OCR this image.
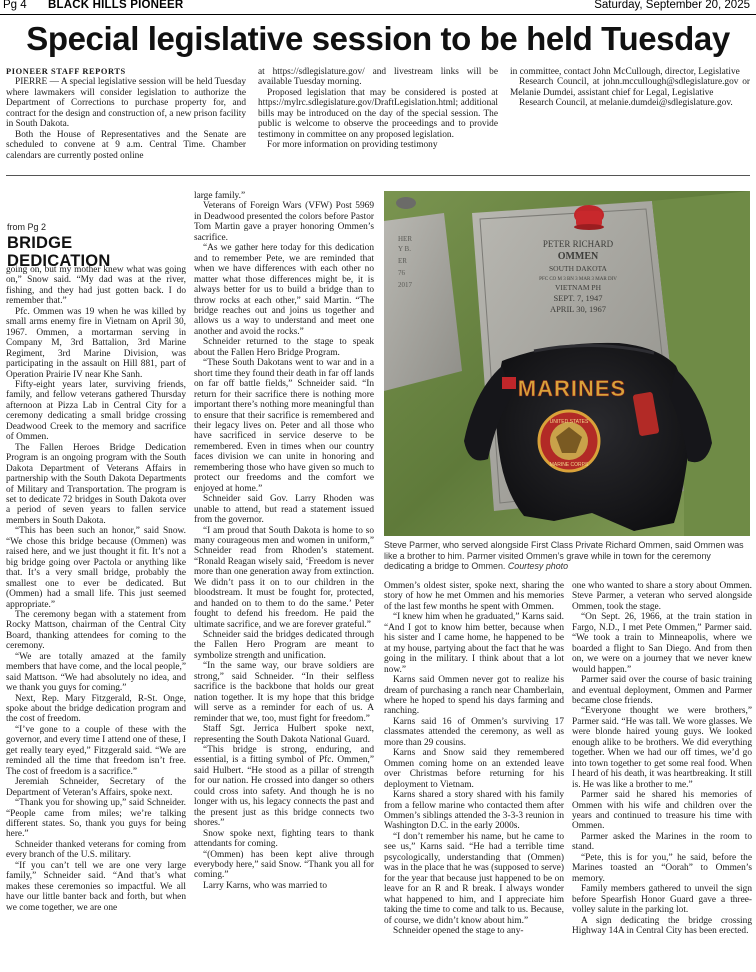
Pg 4 BLACK HILLS PIONEER	Saturday, September 20, 2025
Special legislative session to be held Tuesday
PIONEER STAFF REPORTS

PIERRE — A special legislative session will be held Tuesday where lawmakers will consider legislation to authorize the Department of Corrections to purchase property for, and contract for the design and construction of, a new prison facility in South Dakota.

Both the House of Representatives and the Senate are scheduled to convene at 9 a.m. Central Time. Chamber calendars are currently posted online

at https://sdlegislature.gov/ and livestream links will be available Tuesday morning.

Proposed legislation that may be considered is posted at https://mylrc.sdlegislature.gov/DraftLegislation.html; additional bills may be introduced on the day of the special session. The public is welcome to observe the proceedings and to provide testimony in committee on any proposed legislation.

For more information on providing testimony

in committee, contact John McCullough, director, Legislative

Research Council, at john.mccullough@sdlegislature.gov or Melanie Dumdei, assistant chief for Legal, Legislative

Research Council, at melanie.dumdei@sdlegislature.gov.

from Pg 2
BRIDGE
DEDICATION

going on, but my mother knew what was going on,” Snow said. “My dad was at the river, fishing, and they had just gotten back. I do remember that.”

Pfc. Ommen was 19 when he was killed by small arms enemy fire in Vietnam on April 30, 1967. Ommen, a mortarman serving in Company M, 3rd Battalion, 3rd Marine Regiment, 3rd Marine Division, was participating in the assault on Hill 881, part of Operation Prairie IV near Khe Sanh.

Fifty-eight years later, surviving friends, family, and fellow veterans gathered Thursday afternoon at Pizza Lab in Central City for a ceremony dedicating a small bridge crossing Deadwood Creek to the memory and sacrifice of Ommen.

The Fallen Heroes Bridge Dedication Program is an ongoing program with the South Dakota Department of Veterans Affairs in partnership with the South Dakota Departments of Military and Transportation. The program is set to dedicate 72 bridges in South Dakota over a period of seven years to fallen service members in South Dakota.

“This has been such an honor,” said Snow. “We chose this bridge because (Ommen) was raised here, and we just thought it fit. It’s not a big bridge going over Pactola or anything like that. It’s a very small bridge, probably the smallest one to ever be dedicated. But (Ommen) had a small life. This just seemed appropriate.”

The ceremony began with a statement from Rocky Mattson, chairman of the Central City Board, thanking attendees for coming to the ceremony.

“We are totally amazed at the family members that have come, and the local people,” said Mattson. “We had absolutely no idea, and we thank you guys for coming.”

Next, Rep. Mary Fitzgerald, R-St. Onge, spoke about the bridge dedication program and the cost of freedom.

“I’ve gone to a couple of these with the governor, and every time I attend one of these, I get really teary eyed,” Fitzgerald said. “We are reminded all the time that freedom isn’t free. The cost of freedom is a sacrifice.”

Jeremiah Schneider, Secretary of the Department of Veteran’s Affairs, spoke next.

“Thank you for showing up,” said Schneider. “People came from miles; we’re talking different states. So, thank you guys for being here.”

Schneider thanked veterans for coming from every branch of the U.S. military.

“If you can’t tell we are one very large family,” Schneider said. “And that’s what makes these ceremonies so impactful. We all have our little banter back and forth, but when we come together, we are one

large family.”

Veterans of Foreign Wars (VFW) Post 5969 in Deadwood presented the colors before Pastor Tom Martin gave a prayer honoring Ommen’s sacrifice.

“As we gather here today for this dedication and to remember Pete, we are reminded that when we have differences with each other no matter what those differences might be, it is always better for us to build a bridge than to throw rocks at each other,” said Martin. “The bridge reaches out and joins us together and allows us a way to understand and meet one another and avoid the rocks.”

Schneider returned to the stage to speak about the Fallen Hero Bridge Program.

“These South Dakotans went to war and in a short time they found their death in far off lands on far off battle fields,” Schneider said. “In return for their sacrifice there is nothing more important there’s nothing more meaningful than to ensure that their sacrifice is remembered and their legacy lives on. Peter and all those who have sacrificed in service deserve to be remembered. Even in times when our country faces division we can unite in honoring and remembering those who have given so much to protect our freedoms and the comfort we enjoyed at home.”

Schneider said Gov. Larry Rhoden was unable to attend, but read a statement issued from the governor.

“I am proud that South Dakota is home to so many courageous men and women in uniform,” Schneider read from Rhoden’s statement. “Ronald Reagan wisely said, ‘Freedom is never more than one generation away from extinction. We didn’t pass it on to our children in the bloodstream. It must be fought for, protected, and handed on to them to do the same.’ Peter fought to defend his freedom. He paid the ultimate sacrifice, and we are forever grateful.”

Schneider said the bridges dedicated through the Fallen Hero Program are meant to symbolize strength and unification.

“In the same way, our brave soldiers are strong,” said Schneider. “In their selfless sacrifice is the backbone that holds our great nation together. It is my hope that this bridge will serve as a reminder for each of us. A reminder that we, too, must fight for freedom.”

Staff Sgt. Jerrica Hulbert spoke next, representing the South Dakota National Guard.

“This bridge is strong, enduring, and essential, is a fitting symbol of Pfc. Ommen,” said Hulbert. “He stood as a pillar of strength for our nation. He crossed into danger so others could cross into safety. And though he is no longer with us, his legacy connects the past and the present just as this bridge connects two shores.”

Snow spoke next, fighting tears to thank attendants for coming.

“(Ommen) has been kept alive through everybody here,” said Snow. “Thank you all for coming.”

Larry Karns, who was married to

Ommen’s oldest sister, spoke next, sharing the story of how he met Ommen and his memories of the last few months he spent with Ommen.

“I knew him when he graduated,” Karns said. “And I got to know him better, because when his sister and I came home, he happened to be at my house, partying about the fact that he was going in the military. I think about that a lot now.”

Karns said Ommen never got to realize his dream of purchasing a ranch near Chamberlain, where he hoped to spend his days farming and ranching.

Karns said 16 of Ommen’s surviving 17 classmates attended the ceremony, as well as more than 29 cousins.

Karns and Snow said they remembered Ommen coming home on an extended leave over Christmas before returning for his deployment to Vietnam.

Karns shared a story shared with his family from a fellow marine who contacted them after Ommen’s siblings attended the 3-3-3 reunion in Washington D.C. in the early 2000s.

“I don’t remember his name, but he came to see us,” Karns said. “He had a terrible time psycologically, understanding that (Ommen) was in the place that he was (supposed to serve) for the year that because just happened to be on leave for an R and R break. I always wonder what happened to him, and I appreciate him taking the time to come and talk to us. Because, of course, we didn’t know about him.”

Schneider opened the stage to any-

one who wanted to share a story about Ommen. Steve Parmer, a veteran who served alongside Ommen, took the stage.

“On Sept. 26, 1966, at the train station in Fargo, N.D., I met Pete Ommen,” Parmer said. “We took a train to Minneapolis, where we boarded a flight to San Diego. And from then on, we were on a journey that we never knew would happen.”

Parmer said over the course of basic training and eventual deployment, Ommen and Parmer became close friends.

“Everyone thought we were brothers,” Parmer said. “He was tall. We wore glasses. We were blonde haired young guys. We looked enough alike to be brothers. We did everything together. When we had our off times, we’d go into town together to get some real food. When I heard of his death, it was heartbreaking. It still is. He was like a brother to me.”

Parmer said he shared his memories of Ommen with his wife and children over the years and continued to treasure his time with Ommen.

Parmer asked the Marines in the room to stand.

“Pete, this is for you,” he said, before the Marines toasted an “Oorah” to Ommen’s memory.

Family members gathered to unveil the sign before Spearfish Honor Guard gave a three-volley salute in the parking lot.

A sign dedicating the bridge crossing Highway 14A in Central City has been erected.

PETER RICHARD
OMMEN
SOUTH DAKOTA
PFC CO M 3 BN 3 MAR 3 MAR DIV
VIETNAM PH
SEPT. 7, 1947
APRIL 30, 1967
HER
Y B.
ER
76
2017
MARINES
UNITED STATES
MARINE CORPS
Steve Parmer, who served alongside First Class Private Richard Ommen, said Ommen was like a brother to him. Parmer visited Ommen’s grave while in town for the ceremony dedicating a bridge to Ommen. Courtesy photo
